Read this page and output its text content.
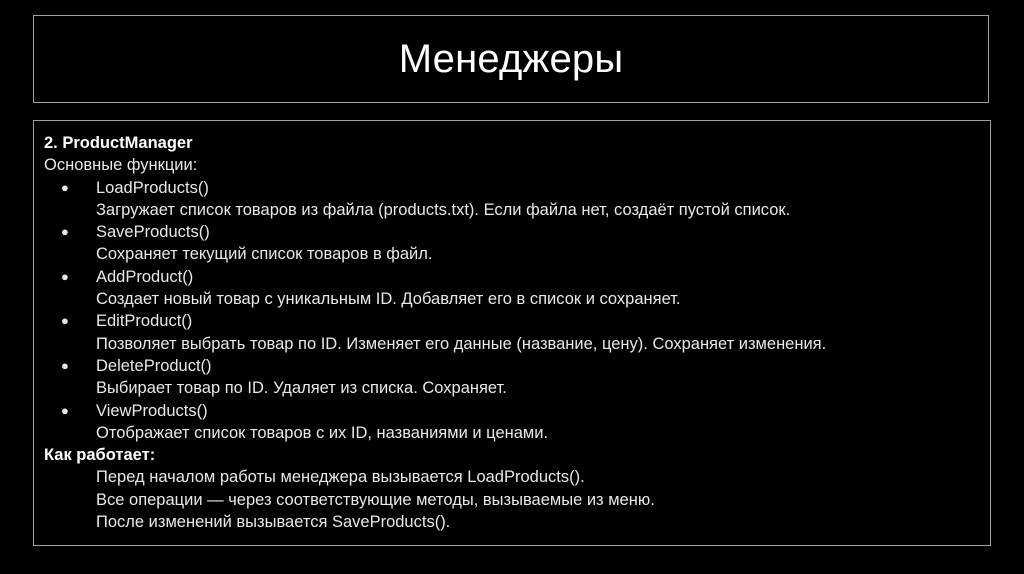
Менеджеры
2. ProductManager
Основные функции:
● LoadProducts()
Загружает список товаров из файла (products.txt). Если файла нет, создаёт пустой список.
● SaveProducts()
Сохраняет текущий список товаров в файл.
● AddProduct()
Создает новый товар с уникальным ID. Добавляет его в список и сохраняет.
● EditProduct()
Позволяет выбрать товар по ID. Изменяет его данные (название, цену). Сохраняет изменения.
● DeleteProduct()
Выбирает товар по ID. Удаляет из списка. Сохраняет.
● ViewProducts()
Отображает список товаров с их ID, названиями и ценами.
Как работает:
Перед началом работы менеджера вызывается LoadProducts().
Все операции — через соответствующие методы, вызываемые из меню.
После изменений вызывается SaveProducts().
